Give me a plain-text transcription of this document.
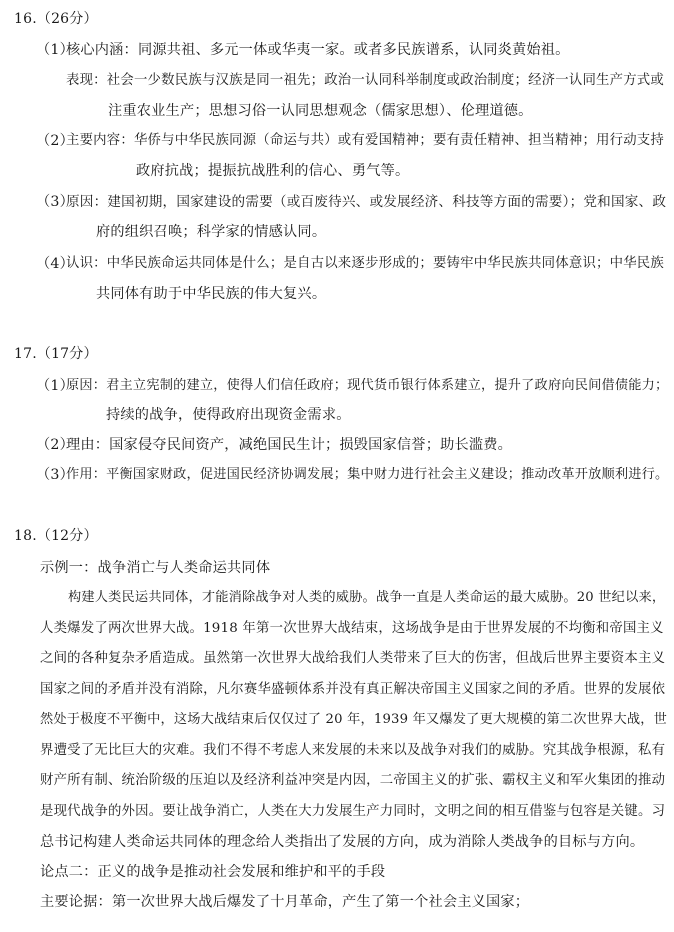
16.（26分）
（1）
核心内涵：同源共祖、多元一体或华夷一家。或者多民族谱系，认同炎黄始祖。
表现：社会一少数民族与汉族是同一祖先；政治一认同科举制度或政治制度；经济一认同生产方式或
注重农业生产；思想习俗一认同思想观念（儒家思想）、伦理道德。
（2）
主要内容：华侨与中华民族同源（命运与共）或有爱国精神；要有责任精神、担当精神；用行动支持
政府抗战；提振抗战胜利的信心、勇气等。
（3）
原因：建国初期，国家建设的需要（或百废待兴、或发展经济、科技等方面的需要）；党和国家、政
府的组织召唤；科学家的情感认同。
（4）
认识：中华民族命运共同体是什么；是自古以来逐步形成的；要铸牢中华民族共同体意识；中华民族
共同体有助于中华民族的伟大复兴。
17.（17分）
（1）
原因：君主立宪制的建立，使得人们信任政府；现代货币银行体系建立，提升了政府向民间借债能力；
持续的战争，使得政府出现资金需求。
（2）
理由：国家侵夺民间资产，减绝国民生计；损毁国家信誉；助长滥费。
（3）
作用：平衡国家财政，促进国民经济协调发展；集中财力进行社会主义建设；推动改革开放顺利进行。
18.（12分）
示例一：战争消亡与人类命运共同体
构建人类民运共同体，才能消除战争对人类的威胁。战争一直是人类命运的最大威胁。20 世纪以来，
人类爆发了两次世界大战。1918 年第一次世界大战结束，这场战争是由于世界发展的不均衡和帝国主义
之间的各种复杂矛盾造成。虽然第一次世界大战给我们人类带来了巨大的伤害，但战后世界主要资本主义
国家之间的矛盾并没有消除，凡尔赛华盛顿体系并没有真正解决帝国主义国家之间的矛盾。世界的发展依
然处于极度不平衡中，这场大战结束后仅仅过了 20 年，1939 年又爆发了更大规模的第二次世界大战，世
界遭受了无比巨大的灾难。我们不得不考虑人来发展的未来以及战争对我们的威胁。究其战争根源，私有
财产所有制、统治阶级的压迫以及经济利益冲突是内因，二帝国主义的扩张、霸权主义和军火集团的推动
是现代战争的外因。要让战争消亡，人类在大力发展生产力同时，文明之间的相互借鉴与包容是关键。习
总书记构建人类命运共同体的理念给人类指出了发展的方向，成为消除人类战争的目标与方向。
论点二：正义的战争是推动社会发展和维护和平的手段
主要论据：第一次世界大战后爆发了十月革命，产生了第一个社会主义国家；
